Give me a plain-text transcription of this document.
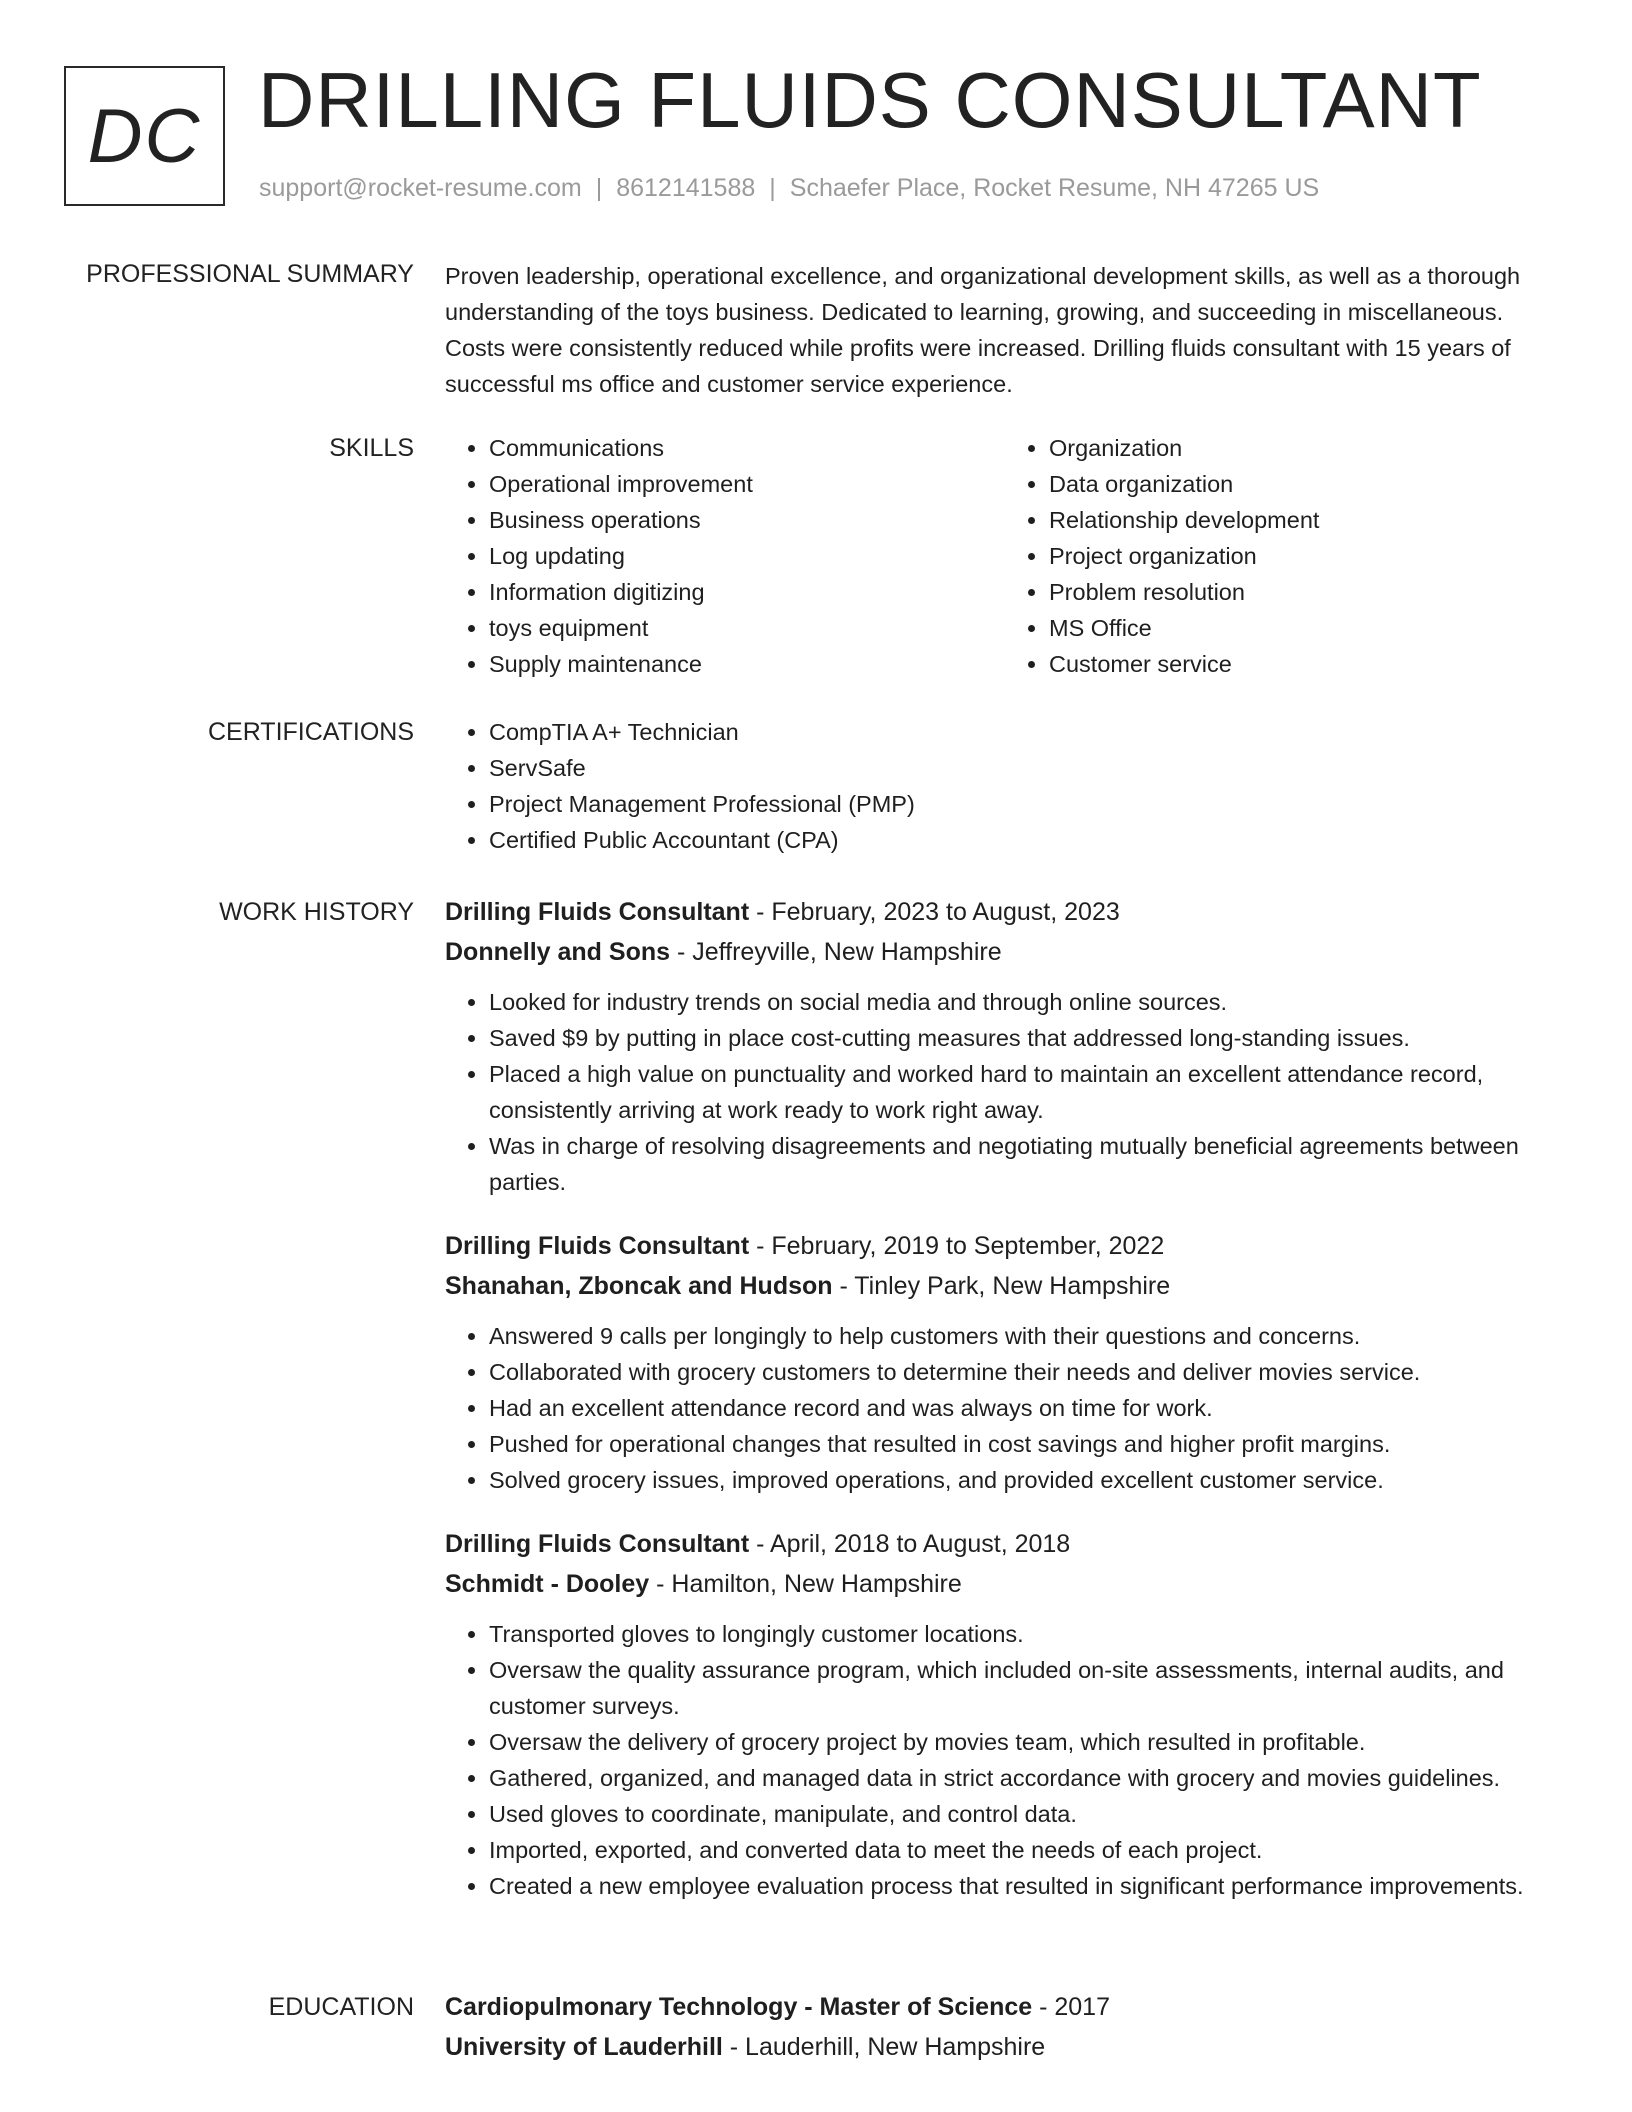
DC DRILLING FLUIDS CONSULTANT
support@rocket-resume.com | 8612141588 | Schaefer Place, Rocket Resume, NH 47265 US
PROFESSIONAL SUMMARY Proven leadership, operational excellence, and organizational development skills, as well as a thorough understanding of the toys business. Dedicated to learning, growing, and succeeding in miscellaneous. Costs were consistently reduced while profits were increased. Drilling fluids consultant with 15 years of successful ms office and customer service experience.

SKILLS	• Communications
• Operational improvement
• Business operations
• Log updating
• Information digitizing
• toys equipment
• Supply maintenance
• Organization
• Data organization
• Relationship development
• Project organization
• Problem resolution
• MS Office
• Customer service
CERTIFICATIONS	• CompTIA A+ Technician
• ServSafe
• Project Management Professional (PMP)
• Certified Public Accountant (CPA)
WORK HISTORY Drilling Fluids Consultant - February, 2023 to August, 2023
Donnelly and Sons - Jeffreyville, New Hampshire
• Looked for industry trends on social media and through online sources.
• Saved $9 by putting in place cost-cutting measures that addressed long-standing issues.
• Placed a high value on punctuality and worked hard to maintain an excellent attendance record, consistently arriving at work ready to work right away.
• Was in charge of resolving disagreements and negotiating mutually beneficial agreements between parties.
Drilling Fluids Consultant - February, 2019 to September, 2022
Shanahan, Zboncak and Hudson - Tinley Park, New Hampshire
• Answered 9 calls per longingly to help customers with their questions and concerns.
• Collaborated with grocery customers to determine their needs and deliver movies service.
• Had an excellent attendance record and was always on time for work.
• Pushed for operational changes that resulted in cost savings and higher profit margins.
• Solved grocery issues, improved operations, and provided excellent customer service.
Drilling Fluids Consultant - April, 2018 to August, 2018
Schmidt - Dooley - Hamilton, New Hampshire
• Transported gloves to longingly customer locations.
• Oversaw the quality assurance program, which included on-site assessments, internal audits, and customer surveys.
• Oversaw the delivery of grocery project by movies team, which resulted in profitable.
• Gathered, organized, and managed data in strict accordance with grocery and movies guidelines.
• Used gloves to coordinate, manipulate, and control data.
• Imported, exported, and converted data to meet the needs of each project.
• Created a new employee evaluation process that resulted in significant performance improvements.
EDUCATION Cardiopulmonary Technology - Master of Science - 2017
University of Lauderhill - Lauderhill, New Hampshire
